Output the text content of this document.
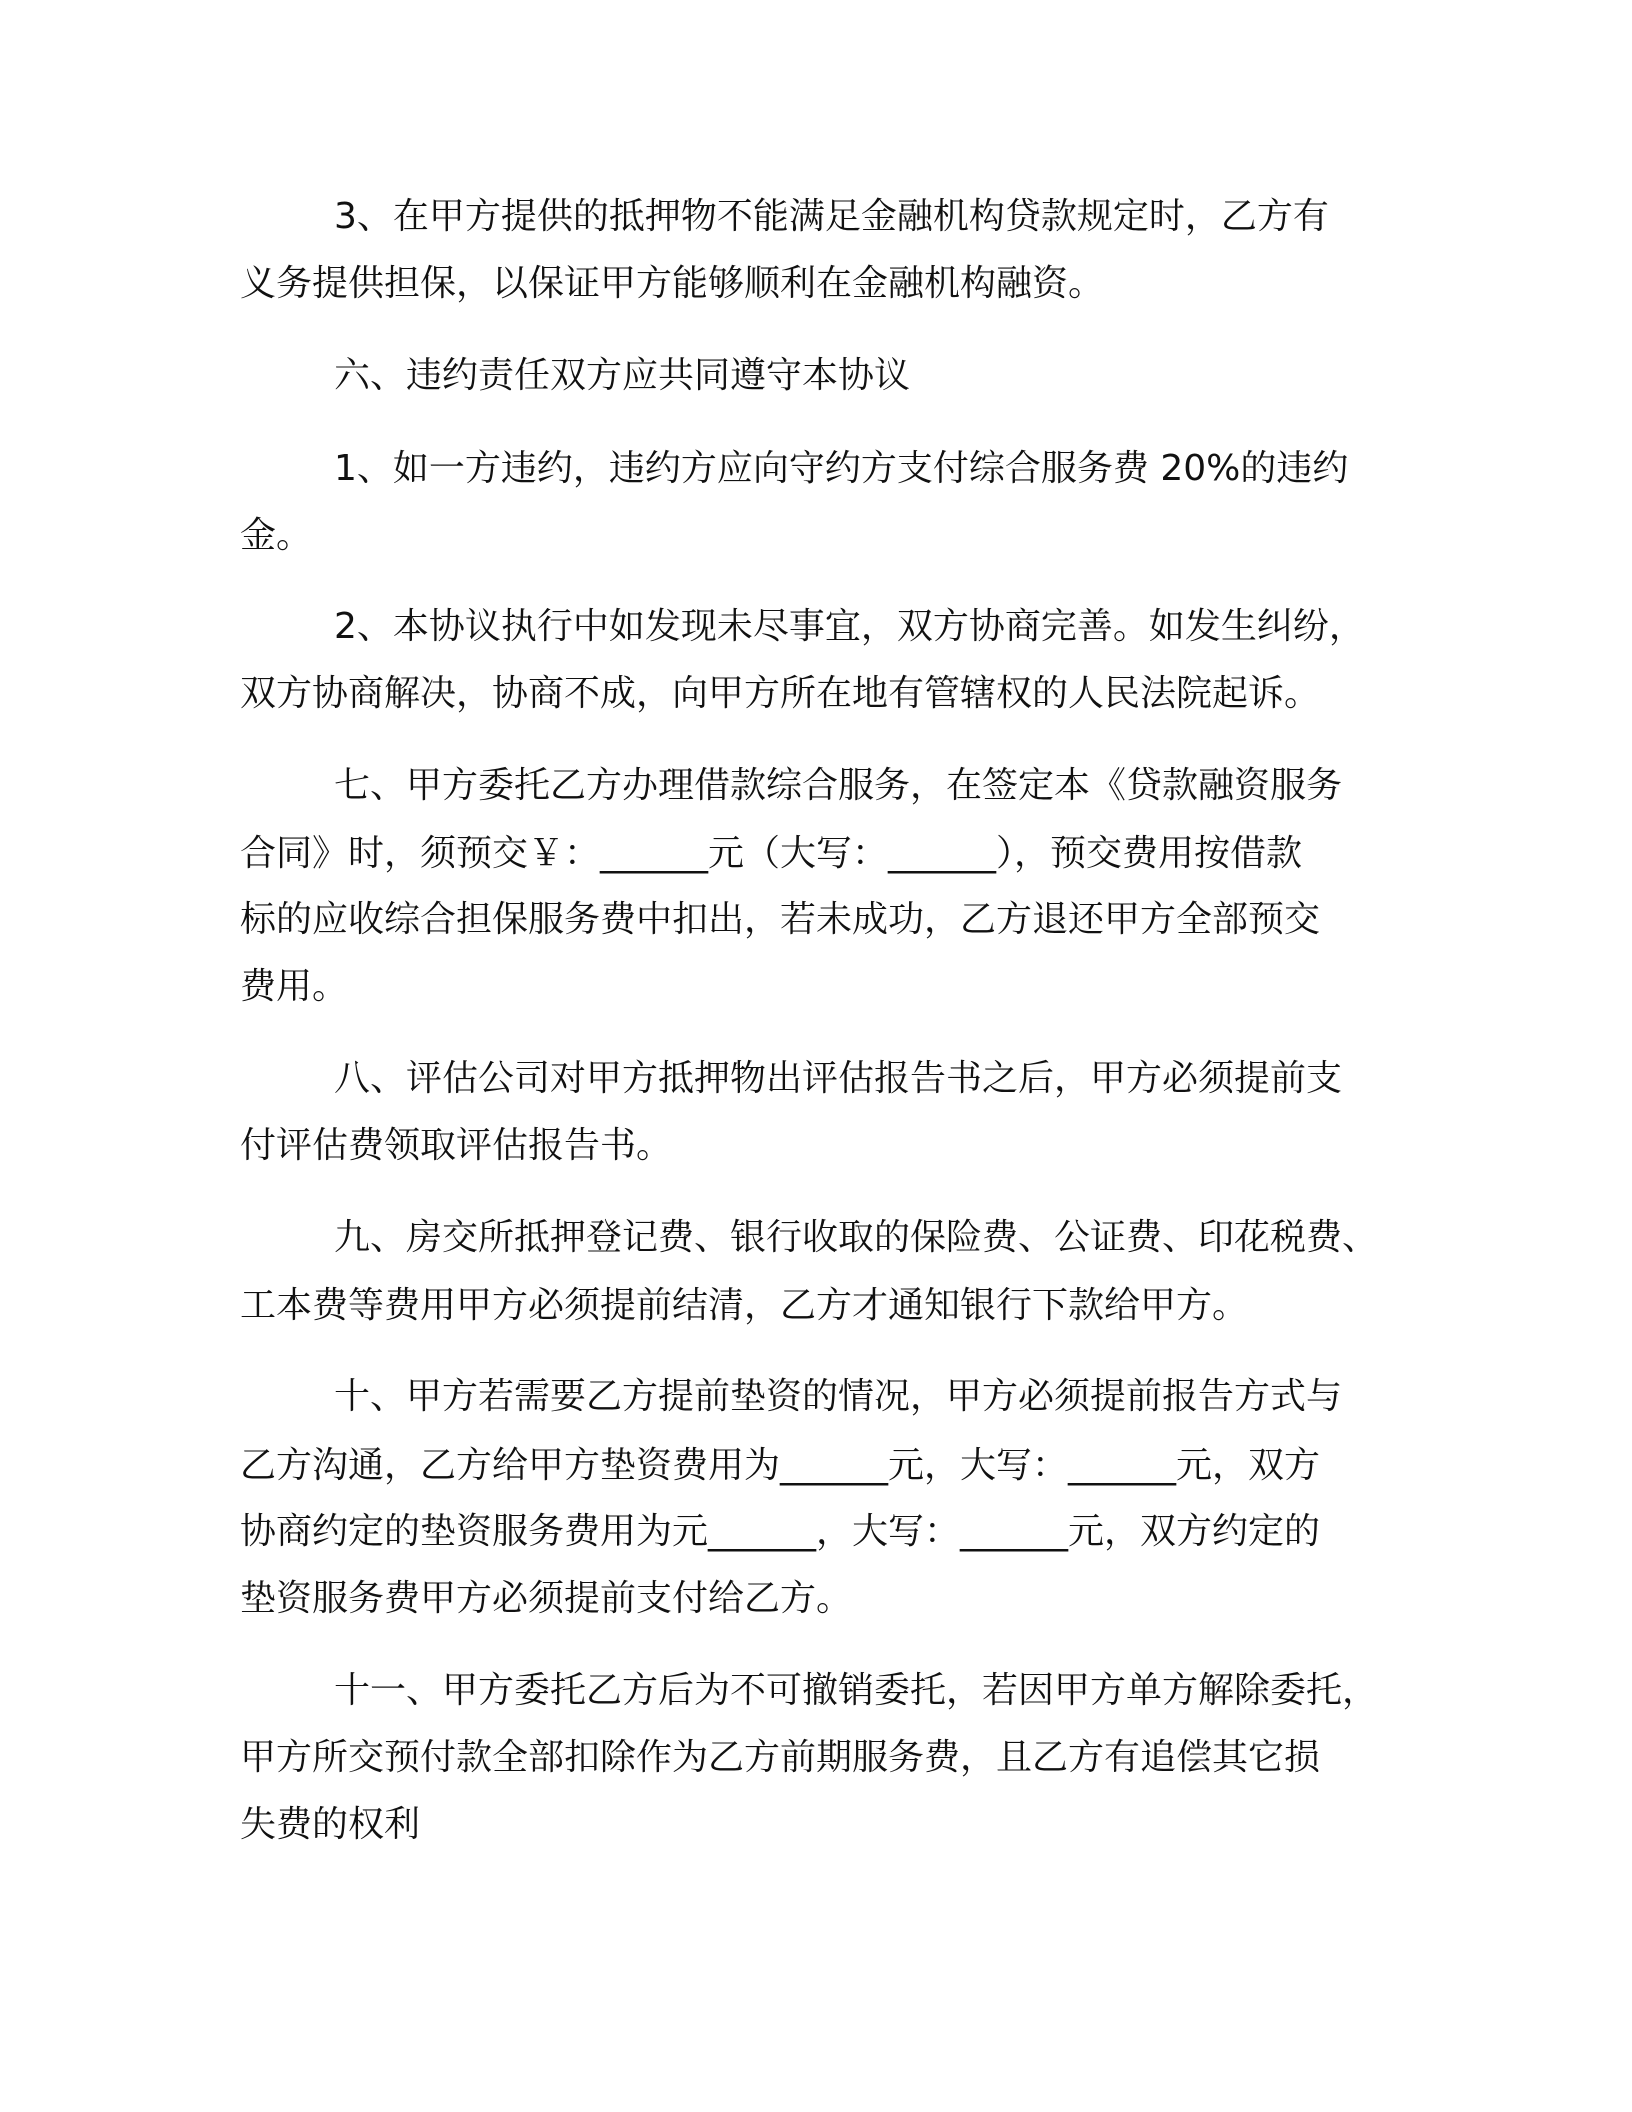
3、在甲方提供的抵押物不能满足金融机构贷款规定时，乙方有

义务提供担保，以保证甲方能够顺利在金融机构融资。

六、违约责任双方应共同遵守本协议

1、如一方违约，违约方应向守约方支付综合服务费 20%的违约

金。

2、本协议执行中如发现未尽事宜，双方协商完善。如发生纠纷，

双方协商解决，协商不成，向甲方所在地有管辖权的人民法院起诉。

七、甲方委托乙方办理借款综合服务，在签定本《贷款融资服务

合同》时，须预交￥：______元（大写：______），预交费用按借款

标的应收综合担保服务费中扣出，若未成功，乙方退还甲方全部预交

费用。

八、评估公司对甲方抵押物出评估报告书之后，甲方必须提前支

付评估费领取评估报告书。

九、房交所抵押登记费、银行收取的保险费、公证费、印花税费、

工本费等费用甲方必须提前结清，乙方才通知银行下款给甲方。

十、甲方若需要乙方提前垫资的情况，甲方必须提前报告方式与

乙方沟通，乙方给甲方垫资费用为______元，大写：______元，双方

协商约定的垫资服务费用为元______，大写：______元，双方约定的

垫资服务费甲方必须提前支付给乙方。

十一、甲方委托乙方后为不可撤销委托，若因甲方单方解除委托，

甲方所交预付款全部扣除作为乙方前期服务费，且乙方有追偿其它损

失费的权利
